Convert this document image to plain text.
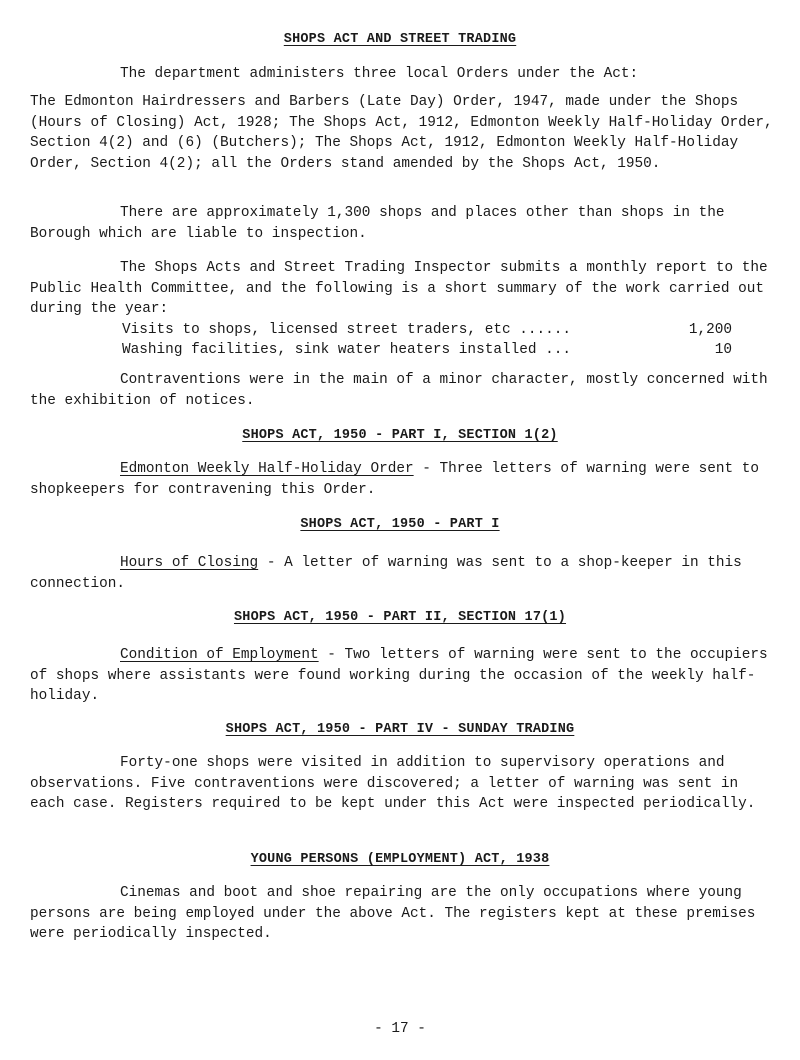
SHOPS ACT AND STREET TRADING

The department administers three local Orders under the Act:

The Edmonton Hairdressers and Barbers (Late Day) Order, 1947, made under the Shops (Hours of Closing) Act, 1928; The Shops Act, 1912, Edmonton Weekly Half-Holiday Order, Section 4(2) and (6) (Butchers); The Shops Act, 1912, Edmonton Weekly Half-Holiday Order, Section 4(2); all the Orders stand amended by the Shops Act, 1950.

There are approximately 1,300 shops and places other than shops in the Borough which are liable to inspection.

The Shops Acts and Street Trading Inspector submits a monthly report to the Public Health Committee, and the following is a short summary of the work carried out during the year:

Visits to shops, licensed street traders, etc ......	1,200
Washing facilities, sink water heaters installed ...	10

Contraventions were in the main of a minor character, mostly concerned with the exhibition of notices.

SHOPS ACT, 1950 - PART I, SECTION 1(2)

Edmonton Weekly Half-Holiday Order - Three letters of warning were sent to shopkeepers for contravening this Order.

SHOPS ACT, 1950 - PART I

Hours of Closing - A letter of warning was sent to a shop-keeper in this connection.

SHOPS ACT, 1950 - PART II, SECTION 17(1)

Condition of Employment - Two letters of warning were sent to the occupiers of shops where assistants were found working during the occasion of the weekly half-holiday.

SHOPS ACT, 1950 - PART IV - SUNDAY TRADING

Forty-one shops were visited in addition to supervisory operations and observations. Five contraventions were discovered; a letter of warning was sent in each case. Registers required to be kept under this Act were inspected periodically.

YOUNG PERSONS (EMPLOYMENT) ACT, 1938

Cinemas and boot and shoe repairing are the only occupations where young persons are being employed under the above Act. The registers kept at these premises were periodically inspected.

- 17 -
